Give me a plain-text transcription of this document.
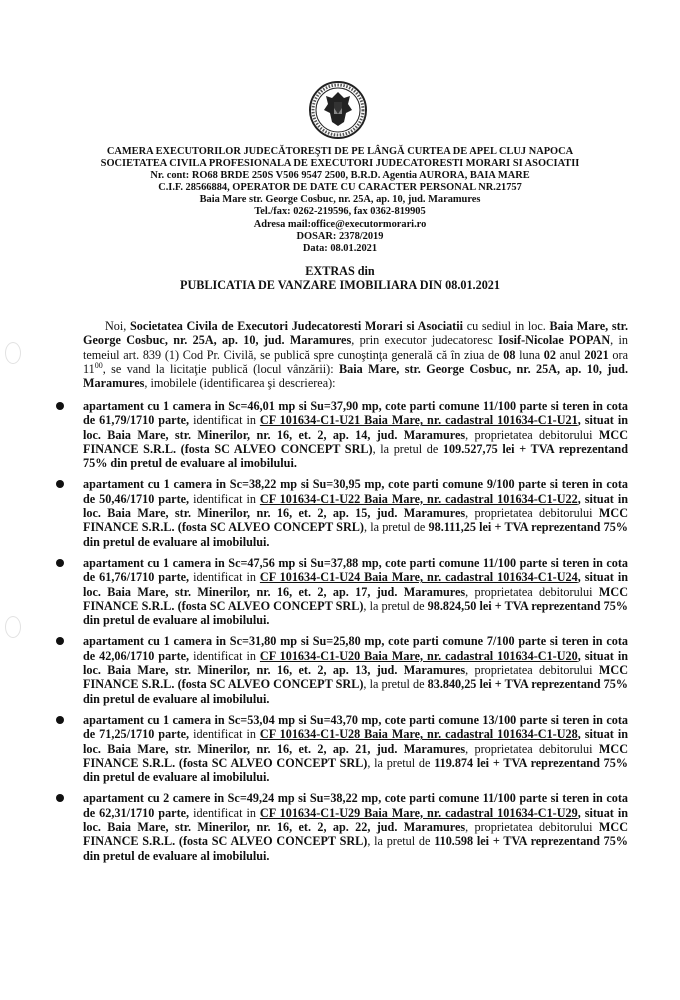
CAMERA EXECUTORILOR JUDECĂTOREŞTI DE PE LÂNGĂ CURTEA DE APEL CLUJ NAPOCA
SOCIETATEA CIVILA PROFESIONALA DE EXECUTORI JUDECATORESTI MORARI SI ASOCIATII
Nr. cont: RO68 BRDE 250S V506 9547 2500, B.R.D. Agentia AURORA, BAIA MARE
C.I.F. 28566884, OPERATOR DE DATE CU CARACTER PERSONAL NR.21757
Baia Mare str. George Cosbuc, nr. 25A, ap. 10, jud. Maramures
Tel./fax: 0262-219596, fax 0362-819905
Adresa mail:office@executormorari.ro
DOSAR: 2378/2019
Data: 08.01.2021
EXTRAS din
PUBLICATIA DE VANZARE IMOBILIARA DIN 08.01.2021
Noi, Societatea Civila de Executori Judecatoresti Morari si Asociatii cu sediul in loc. Baia Mare, str. George Cosbuc, nr. 25A, ap. 10, jud. Maramures, prin executor judecatoresc Iosif-Nicolae POPAN, in temeiul art. 839 (1) Cod Pr. Civilă, se publică spre cunoştinţa generală că în ziua de 08 luna 02 anul 2021 ora $11^{00}$, se vand la licitaţie publică (locul vânzării): Baia Mare, str. George Cosbuc, nr. 25A, ap. 10, jud. Maramures, imobilele (identificarea şi descrierea):
apartament cu 1 camera in Sc=46,01 mp si Su=37,90 mp, cote parti comune 11/100 parte si teren in cota de 61,79/1710 parte, identificat in CF 101634-C1-U21 Baia Mare, nr. cadastral 101634-C1-U21, situat in loc. Baia Mare, str. Minerilor, nr. 16, et. 2, ap. 14, jud. Maramures, proprietatea debitorului MCC FINANCE S.R.L. (fosta SC ALVEO CONCEPT SRL), la pretul de 109.527,75 lei + TVA reprezentand 75% din pretul de evaluare al imobilului.
apartament cu 1 camera in Sc=38,22 mp si Su=30,95 mp, cote parti comune 9/100 parte si teren in cota de 50,46/1710 parte, identificat in CF 101634-C1-U22 Baia Mare, nr. cadastral 101634-C1-U22, situat in loc. Baia Mare, str. Minerilor, nr. 16, et. 2, ap. 15, jud. Maramures, proprietatea debitorului MCC FINANCE S.R.L. (fosta SC ALVEO CONCEPT SRL), la pretul de 98.111,25 lei + TVA reprezentand 75% din pretul de evaluare al imobilului.
apartament cu 1 camera in Sc=47,56 mp si Su=37,88 mp, cote parti comune 11/100 parte si teren in cota de 61,76/1710 parte, identificat in CF 101634-C1-U24 Baia Mare, nr. cadastral 101634-C1-U24, situat in loc. Baia Mare, str. Minerilor, nr. 16, et. 2, ap. 17, jud. Maramures, proprietatea debitorului MCC FINANCE S.R.L. (fosta SC ALVEO CONCEPT SRL), la pretul de 98.824,50 lei + TVA reprezentand 75% din pretul de evaluare al imobilului.
apartament cu 1 camera in Sc=31,80 mp si Su=25,80 mp, cote parti comune 7/100 parte si teren in cota de 42,06/1710 parte, identificat in CF 101634-C1-U20 Baia Mare, nr. cadastral 101634-C1-U20, situat in loc. Baia Mare, str. Minerilor, nr. 16, et. 2, ap. 13, jud. Maramures, proprietatea debitorului MCC FINANCE S.R.L. (fosta SC ALVEO CONCEPT SRL), la pretul de 83.840,25 lei + TVA reprezentand 75% din pretul de evaluare al imobilului.
apartament cu 1 camera in Sc=53,04 mp si Su=43,70 mp, cote parti comune 13/100 parte si teren in cota de 71,25/1710 parte, identificat in CF 101634-C1-U28 Baia Mare, nr. cadastral 101634-C1-U28, situat in loc. Baia Mare, str. Minerilor, nr. 16, et. 2, ap. 21, jud. Maramures, proprietatea debitorului MCC FINANCE S.R.L. (fosta SC ALVEO CONCEPT SRL), la pretul de 119.874 lei + TVA reprezentand 75% din pretul de evaluare al imobilului.
apartament cu 2 camere in Sc=49,24 mp si Su=38,22 mp, cote parti comune 11/100 parte si teren in cota de 62,31/1710 parte, identificat in CF 101634-C1-U29 Baia Mare, nr. cadastral 101634-C1-U29, situat in loc. Baia Mare, str. Minerilor, nr. 16, et. 2, ap. 22, jud. Maramures, proprietatea debitorului MCC FINANCE S.R.L. (fosta SC ALVEO CONCEPT SRL), la pretul de 110.598 lei + TVA reprezentand 75% din pretul de evaluare al imobilului.
